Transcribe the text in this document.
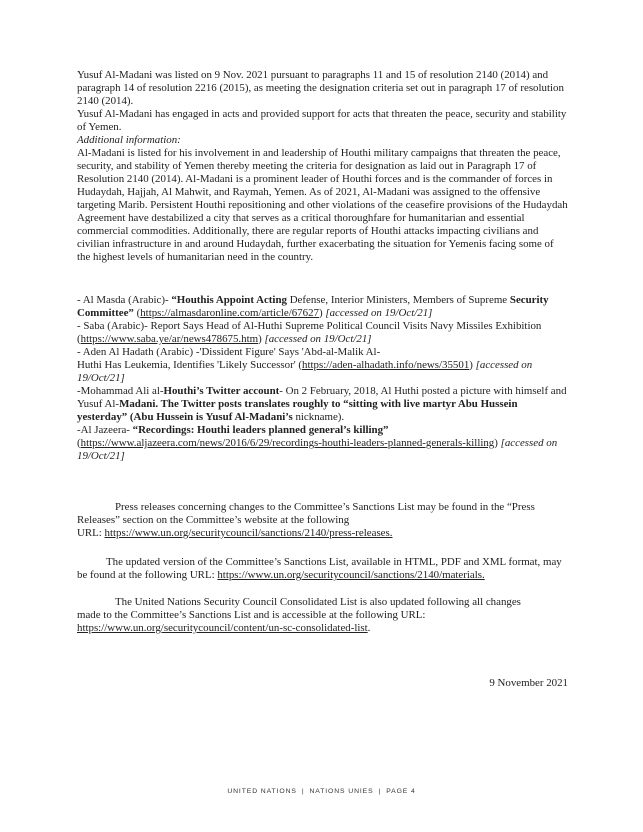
Yusuf Al-Madani was listed on 9 Nov. 2021 pursuant to paragraphs 11 and 15 of resolution 2140 (2014) and paragraph 14 of resolution 2216 (2015), as meeting the designation criteria set out in paragraph 17 of resolution 2140 (2014).

Yusuf Al-Madani has engaged in acts and provided support for acts that threaten the peace, security and stability of Yemen.

Additional information:

Al-Madani is listed for his involvement in and leadership of Houthi military campaigns that threaten the peace, security, and stability of Yemen thereby meeting the criteria for designation as laid out in Paragraph 17 of Resolution 2140 (2014). Al-Madani is a prominent leader of Houthi forces and is the commander of forces in Hudaydah, Hajjah, Al Mahwit, and Raymah, Yemen. As of 2021, Al-Madani was assigned to the offensive targeting Marib. Persistent Houthi repositioning and other violations of the ceasefire provisions of the Hudaydah Agreement have destabilized a city that serves as a critical thoroughfare for humanitarian and essential commercial commodities. Additionally, there are regular reports of Houthi attacks impacting civilians and civilian infrastructure in and around Hudaydah, further exacerbating the situation for Yemenis facing some of the highest levels of humanitarian need in the country.

- Al Masda (Arabic)- “Houthis Appoint Acting Defense, Interior Ministers, Members of Supreme Security Committee” (https://almasdaronline.com/article/67627) [accessed on 19/Oct/21]

- Saba (Arabic)- Report Says Head of Al-Huthi Supreme Political Council Visits Navy Missiles Exhibition (https://www.saba.ye/ar/news478675.htm) [accessed on 19/Oct/21]

- Aden Al Hadath (Arabic) -'Dissident Figure' Says 'Abd-al-Malik Al-
Huthi Has Leukemia, Identifies 'Likely Successor' (https://aden-alhadath.info/news/35501) [accessed on 19/Oct/21]

-Mohammad Ali al-Houthi’s Twitter account- On 2 February, 2018, Al Huthi posted a picture with himself and Yusuf Al-Madani. The Twitter posts translates roughly to “sitting with live martyr Abu Hussein yesterday” (Abu Hussein is Yusuf Al-Madani’s nickname).

-Al Jazeera- “Recordings: Houthi leaders planned general’s killing”
(https://www.aljazeera.com/news/2016/6/29/recordings-houthi-leaders-planned-generals-killing) [accessed on 19/Oct/21]

Press releases concerning changes to the Committee’s Sanctions List may be found in the “Press Releases” section on the Committee’s website at the following
URL: https://www.un.org/securitycouncil/sanctions/2140/press-releases.

The updated version of the Committee’s Sanctions List, available in HTML, PDF and XML format, may be found at the following URL: https://www.un.org/securitycouncil/sanctions/2140/materials.

The United Nations Security Council Consolidated List is also updated following all changes
made to the Committee’s Sanctions List and is accessible at the following URL:
https://www.un.org/securitycouncil/content/un-sc-consolidated-list.

9 November 2021
UNITED NATIONS | NATIONS UNIES | PAGE 4
